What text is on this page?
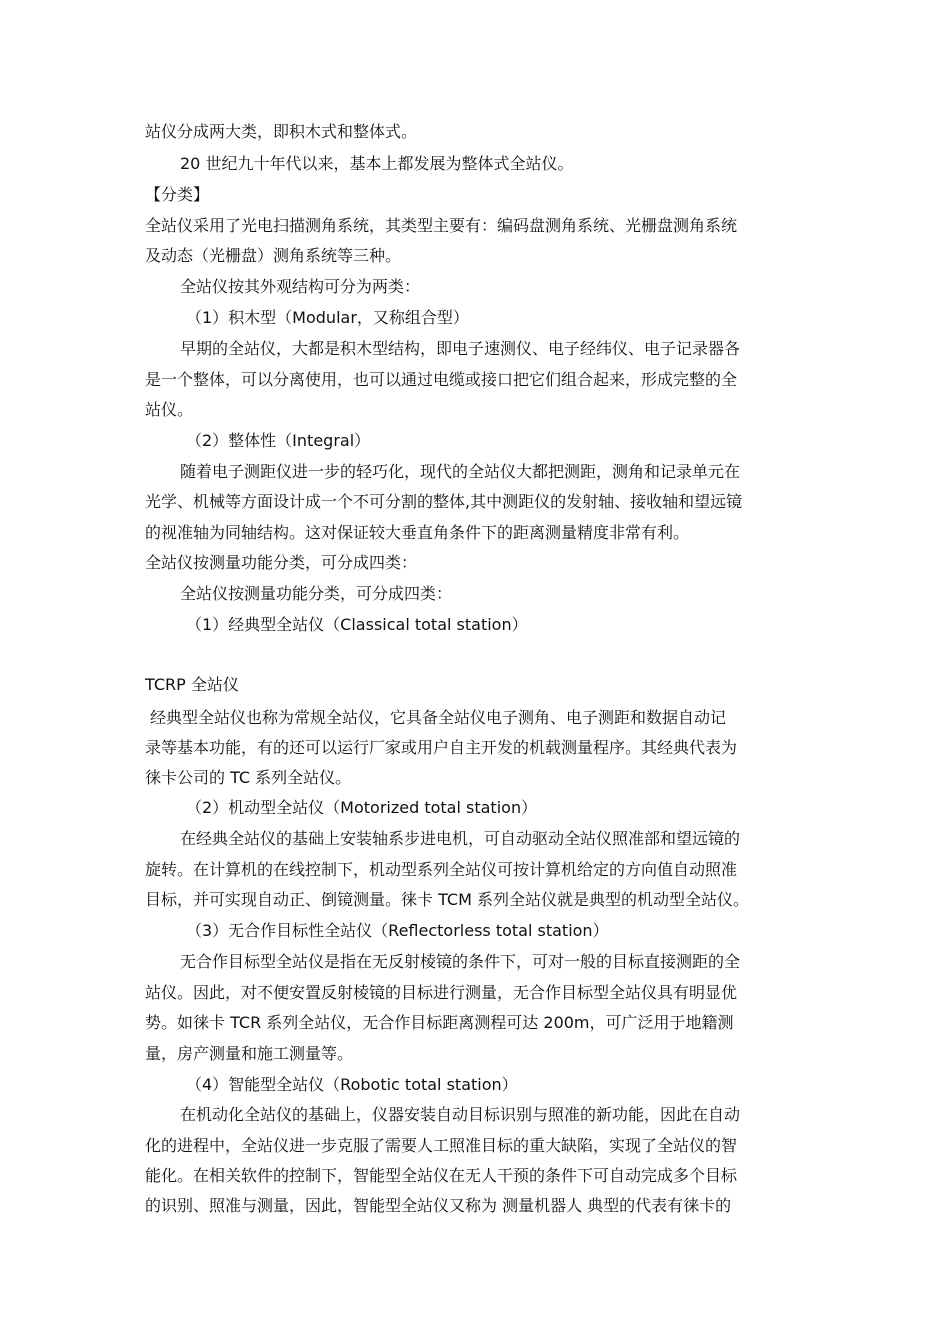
站仪分成两大类，即积木式和整体式。

20 世纪九十年代以来，基本上都发展为整体式全站仪。

【分类】

全站仪采用了光电扫描测角系统，其类型主要有：编码盘测角系统、光栅盘测角系统

及动态（光栅盘）测角系统等三种。

全站仪按其外观结构可分为两类：

（1）积木型（Modular，又称组合型）

早期的全站仪，大都是积木型结构，即电子速测仪、电子经纬仪、电子记录器各

是一个整体，可以分离使用，也可以通过电缆或接口把它们组合起来，形成完整的全

站仪。

（2）整体性（Integral）

随着电子测距仪进一步的轻巧化，现代的全站仪大都把测距，测角和记录单元在

光学、机械等方面设计成一个不可分割的整体,其中测距仪的发射轴、接收轴和望远镜

的视准轴为同轴结构。这对保证较大垂直角条件下的距离测量精度非常有利。

全站仪按测量功能分类，可分成四类：

全站仪按测量功能分类，可分成四类：

（1）经典型全站仪（Classical total station）

TCRP 全站仪

经典型全站仪也称为常规全站仪，它具备全站仪电子测角、电子测距和数据自动记

录等基本功能，有的还可以运行厂家或用户自主开发的机载测量程序。其经典代表为

徕卡公司的 TC 系列全站仪。

（2）机动型全站仪（Motorized total station）

在经典全站仪的基础上安装轴系步进电机，可自动驱动全站仪照准部和望远镜的

旋转。在计算机的在线控制下，机动型系列全站仪可按计算机给定的方向值自动照准

目标，并可实现自动正、倒镜测量。徕卡 TCM 系列全站仪就是典型的机动型全站仪。

（3）无合作目标性全站仪（Reflectorless total station）

无合作目标型全站仪是指在无反射棱镜的条件下，可对一般的目标直接测距的全

站仪。因此，对不便安置反射棱镜的目标进行测量，无合作目标型全站仪具有明显优

势。如徕卡 TCR 系列全站仪，无合作目标距离测程可达 200m，可广泛用于地籍测

量，房产测量和施工测量等。

（4）智能型全站仪（Robotic total station）

在机动化全站仪的基础上，仪器安装自动目标识别与照准的新功能，因此在自动

化的进程中，全站仪进一步克服了需要人工照准目标的重大缺陷，实现了全站仪的智

能化。在相关软件的控制下，智能型全站仪在无人干预的条件下可自动完成多个目标

的识别、照准与测量，因此，智能型全站仪又称为 测量机器人 典型的代表有徕卡的
